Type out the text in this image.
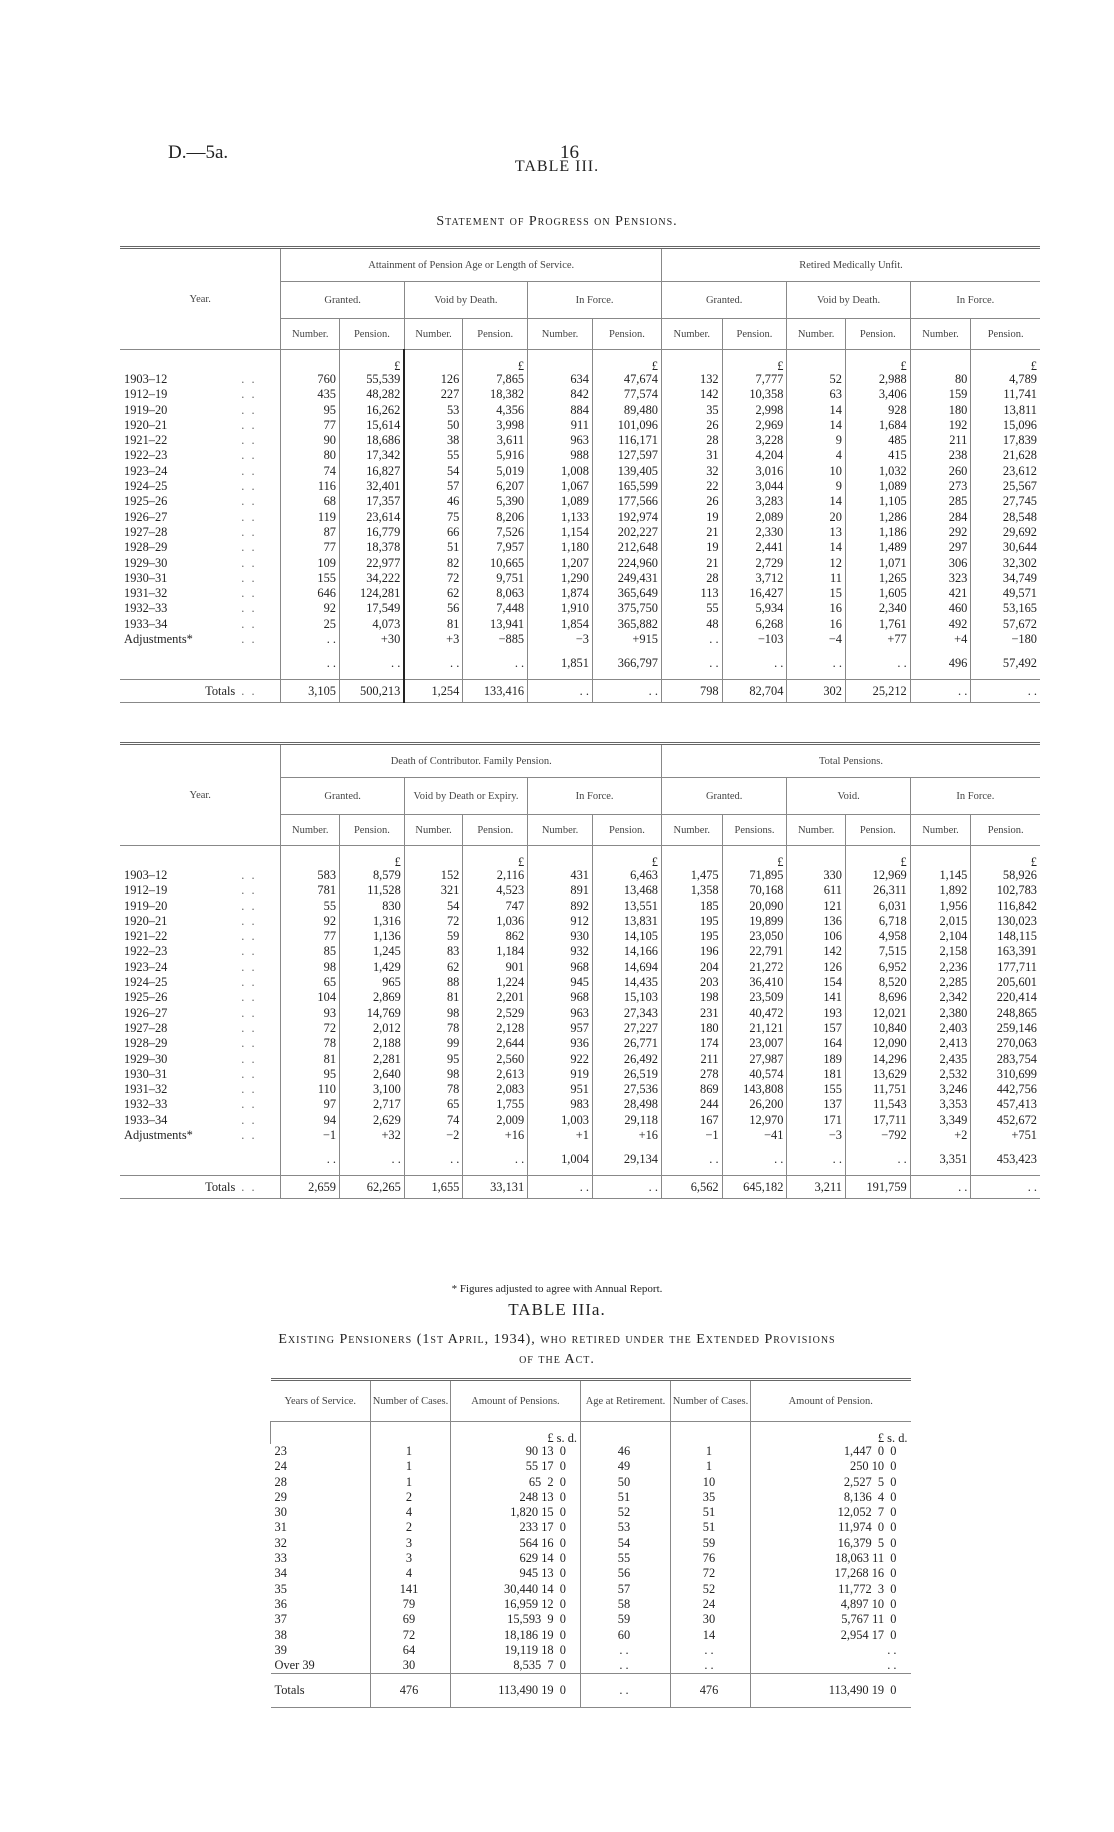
D.—5a.	16
TABLE III.
Statement of Progress on Pensions.
Year.		Attainment of Pension Age or Length of Service.						Retired Medically Unfit.					
		Granted.		Void by Death.		In Force.		Granted.		Void by Death.		In Force.	
		Number.	Pension.	Number.	Pension.	Number.	Pension.	Number.	Pension.	Number.	Pension.	Number.	Pension.
			£		£		£		£		£		£
1903–12	. .	760	55,539	126	7,865	634	47,674	132	7,777	52	2,988	80	4,789
1912–19	. .	435	48,282	227	18,382	842	77,574	142	10,358	63	3,406	159	11,741
1919–20	. .	95	16,262	53	4,356	884	89,480	35	2,998	14	928	180	13,811
1920–21	. .	77	15,614	50	3,998	911	101,096	26	2,969	14	1,684	192	15,096
1921–22	. .	90	18,686	38	3,611	963	116,171	28	3,228	9	485	211	17,839
1922–23	. .	80	17,342	55	5,916	988	127,597	31	4,204	4	415	238	21,628
1923–24	. .	74	16,827	54	5,019	1,008	139,405	32	3,016	10	1,032	260	23,612
1924–25	. .	116	32,401	57	6,207	1,067	165,599	22	3,044	9	1,089	273	25,567
1925–26	. .	68	17,357	46	5,390	1,089	177,566	26	3,283	14	1,105	285	27,745
1926–27	. .	119	23,614	75	8,206	1,133	192,974	19	2,089	20	1,286	284	28,548
1927–28	. .	87	16,779	66	7,526	1,154	202,227	21	2,330	13	1,186	292	29,692
1928–29	. .	77	18,378	51	7,957	1,180	212,648	19	2,441	14	1,489	297	30,644
1929–30	. .	109	22,977	82	10,665	1,207	224,960	21	2,729	12	1,071	306	32,302
1930–31	. .	155	34,222	72	9,751	1,290	249,431	28	3,712	11	1,265	323	34,749
1931–32	. .	646	124,281	62	8,063	1,874	365,649	113	16,427	15	1,605	421	49,571
1932–33	. .	92	17,549	56	7,448	1,910	375,750	55	5,934	16	2,340	460	53,165
1933–34	. .	25	4,073	81	13,941	1,854	365,882	48	6,268	16	1,761	492	57,672
Adjustments*	. .	. .	+30	+3	−885	−3	+915	. .	−103	−4	+77	+4	−180
		. .	. .	. .	. .	1,851	366,797	. .	. .	. .	. .	496	57,492
Totals	. .	3,105	500,213	1,254	133,416	. .	. .	798	82,704	302	25,212	. .	. .
Year.		Death of Contributor. Family Pension.						Total Pensions.					
		Granted.		Void by Death or Expiry.		In Force.		Granted.		Void.		In Force.	
		Number.	Pension.	Number.	Pension.	Number.	Pension.	Number.	Pensions.	Number.	Pension.	Number.	Pension.
			£		£		£		£		£		£
1903–12	. .	583	8,579	152	2,116	431	6,463	1,475	71,895	330	12,969	1,145	58,926
1912–19	. .	781	11,528	321	4,523	891	13,468	1,358	70,168	611	26,311	1,892	102,783
1919–20	. .	55	830	54	747	892	13,551	185	20,090	121	6,031	1,956	116,842
1920–21	. .	92	1,316	72	1,036	912	13,831	195	19,899	136	6,718	2,015	130,023
1921–22	. .	77	1,136	59	862	930	14,105	195	23,050	106	4,958	2,104	148,115
1922–23	. .	85	1,245	83	1,184	932	14,166	196	22,791	142	7,515	2,158	163,391
1923–24	. .	98	1,429	62	901	968	14,694	204	21,272	126	6,952	2,236	177,711
1924–25	. .	65	965	88	1,224	945	14,435	203	36,410	154	8,520	2,285	205,601
1925–26	. .	104	2,869	81	2,201	968	15,103	198	23,509	141	8,696	2,342	220,414
1926–27	. .	93	14,769	98	2,529	963	27,343	231	40,472	193	12,021	2,380	248,865
1927–28	. .	72	2,012	78	2,128	957	27,227	180	21,121	157	10,840	2,403	259,146
1928–29	. .	78	2,188	99	2,644	936	26,771	174	23,007	164	12,090	2,413	270,063
1929–30	. .	81	2,281	95	2,560	922	26,492	211	27,987	189	14,296	2,435	283,754
1930–31	. .	95	2,640	98	2,613	919	26,519	278	40,574	181	13,629	2,532	310,699
1931–32	. .	110	3,100	78	2,083	951	27,536	869	143,808	155	11,751	3,246	442,756
1932–33	. .	97	2,717	65	1,755	983	28,498	244	26,200	137	11,543	3,353	457,413
1933–34	. .	94	2,629	74	2,009	1,003	29,118	167	12,970	171	17,711	3,349	452,672
Adjustments*	. .	−1	+32	−2	+16	+1	+16	−1	−41	−3	−792	+2	+751
		. .	. .	. .	. .	1,004	29,134	. .	. .	. .	. .	3,351	453,423
Totals	. .	2,659	62,265	1,655	33,131	. .	. .	6,562	645,182	3,211	191,759	. .	. .
* Figures adjusted to agree with Annual Report.
TABLE IIIa.
Existing Pensioners (1st April, 1934), who retired under the Extended Provisions
of the Act.
Years of Service.	Number of Cases.	Amount of Pensions.	Age at Retirement.	Number of Cases.	Amount of Pension.
		£ s. d.			£ s. d.
23	1	90 13  0	46	1	1,447  0  0
24	1	55 17  0	49	1	250 10  0
28	1	65  2  0	50	10	2,527  5  0
29	2	248 13  0	51	35	8,136  4  0
30	4	1,820 15  0	52	51	12,052  7  0
31	2	233 17  0	53	51	11,974  0  0
32	3	564 16  0	54	59	16,379  5  0
33	3	629 14  0	55	76	18,063 11  0
34	4	945 13  0	56	72	17,268 16  0
35	141	30,440 14  0	57	52	11,772  3  0
36	79	16,959 12  0	58	24	4,897 10  0
37	69	15,593  9  0	59	30	5,767 11  0
38	72	18,186 19  0	60	14	2,954 17  0
39	64	19,119 18  0	. .	. .	. .
Over 39	30	8,535  7  0	. .	. .	. .
Totals	476	113,490 19  0	. .	476	113,490 19  0
